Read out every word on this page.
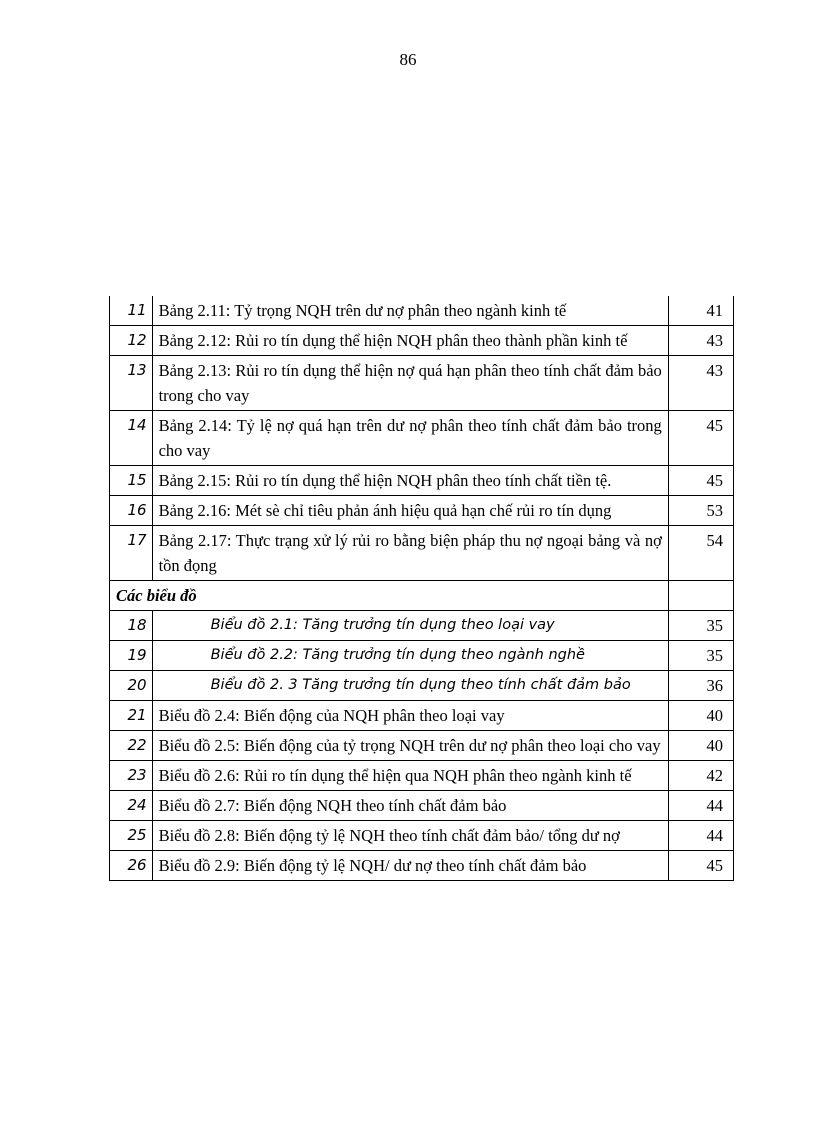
86
11	Bảng 2.11: Tỷ trọng NQH trên dư nợ phân theo ngành kinh tế	41
12	Bảng 2.12: Rủi ro tín dụng thể hiện NQH phân theo thành phần kinh tế	43
13	Bảng 2.13: Rủi ro tín dụng thể hiện nợ quá hạn phân theo tính chất đảm bảo trong cho vay	43
14	Bảng 2.14: Tỷ lệ nợ quá hạn trên dư nợ phân theo tính chất đảm bảo trong cho vay	45
15	Bảng 2.15: Rủi ro tín dụng thể hiện NQH phân theo tính chất tiền tệ.	45
16	Bảng 2.16: Mét sè chỉ tiêu phản ánh hiệu quả hạn chế rủi ro tín dụng	53
17	Bảng 2.17: Thực trạng xử lý rủi ro bằng biện pháp thu nợ ngoại bảng và nợ tồn đọng	54
Các biểu đồ		
18	Biểu đồ 2.1: Tăng trưởng tín dụng theo loại vay	35
19	Biểu đồ 2.2: Tăng trưởng tín dụng theo ngành nghề	35
20	Biểu đồ 2. 3 Tăng trưởng tín dụng theo tính chất đảm bảo	36
21	Biểu đồ 2.4: Biến động của NQH phân theo loại vay	40
22	Biểu đồ 2.5: Biến động của tỷ trọng NQH trên dư nợ phân theo loại cho vay	40
23	Biểu đồ 2.6: Rủi ro tín dụng thể hiện qua NQH phân theo ngành kinh tế	42
24	Biểu đồ 2.7: Biến động NQH theo tính chất đảm bảo	44
25	Biểu đồ 2.8: Biến động tỷ lệ NQH theo tính chất đảm bảo/ tổng dư nợ	44
26	Biểu đồ 2.9: Biến động tỷ lệ NQH/ dư nợ theo tính chất đảm bảo	45
